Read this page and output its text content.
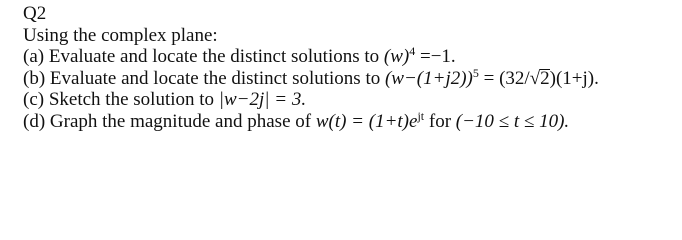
Q2
Using the complex plane:
(a) Evaluate and locate the distinct solutions to $(w)^4 =-1$.
(b) Evaluate and locate the distinct solutions to $(w-(1+j2))^5 = (32/√2)(1+j)$.
(c) Sketch the solution to |w−2j| = 3.
(d) Graph the magnitude and phase of $w(t) = (1+t)e^{jt}$ for (−10 ≤ t ≤ 10).
